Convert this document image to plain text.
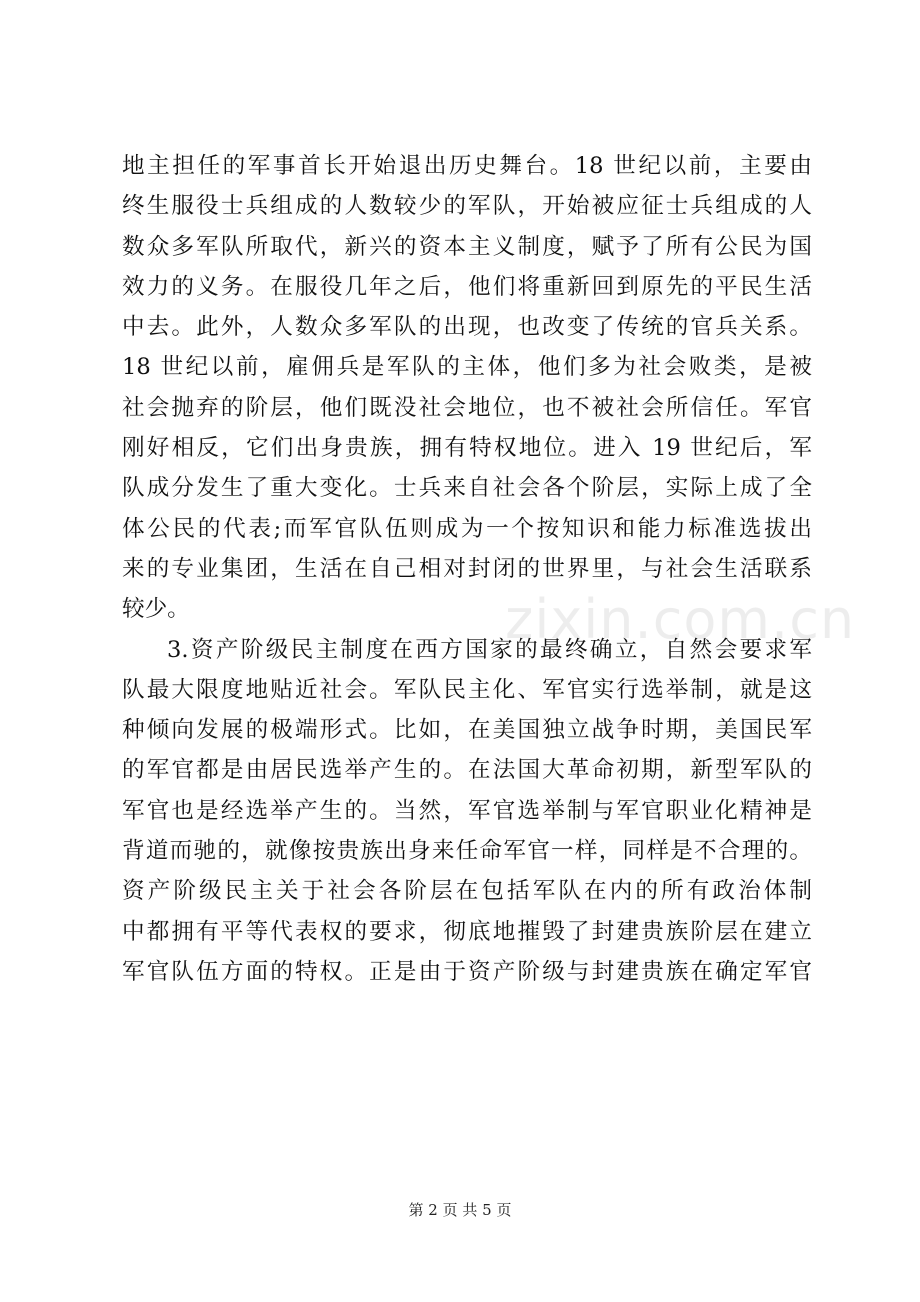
zixin.com.cn
地主担任的军事首长开始退出历史舞台。18 世纪以前，主要由
终生服役士兵组成的人数较少的军队，开始被应征士兵组成的人
数众多军队所取代，新兴的资本主义制度，赋予了所有公民为国
效力的义务。在服役几年之后，他们将重新回到原先的平民生活
中去。此外，人数众多军队的出现，也改变了传统的官兵关系。
18 世纪以前，雇佣兵是军队的主体，他们多为社会败类，是被
社会抛弃的阶层，他们既没社会地位，也不被社会所信任。军官
刚好相反，它们出身贵族，拥有特权地位。进入 19 世纪后，军
队成分发生了重大变化。士兵来自社会各个阶层，实际上成了全
体公民的代表;而军官队伍则成为一个按知识和能力标准选拔出
来的专业集团，生活在自己相对封闭的世界里，与社会生活联系
较少。
3.资产阶级民主制度在西方国家的最终确立，自然会要求军
队最大限度地贴近社会。军队民主化、军官实行选举制，就是这
种倾向发展的极端形式。比如，在美国独立战争时期，美国民军
的军官都是由居民选举产生的。在法国大革命初期，新型军队的
军官也是经选举产生的。当然，军官选举制与军官职业化精神是
背道而驰的，就像按贵族出身来任命军官一样，同样是不合理的。
资产阶级民主关于社会各阶层在包括军队在内的所有政治体制
中都拥有平等代表权的要求，彻底地摧毁了封建贵族阶层在建立
军官队伍方面的特权。正是由于资产阶级与封建贵族在确定军官
第 2 页 共 5 页
